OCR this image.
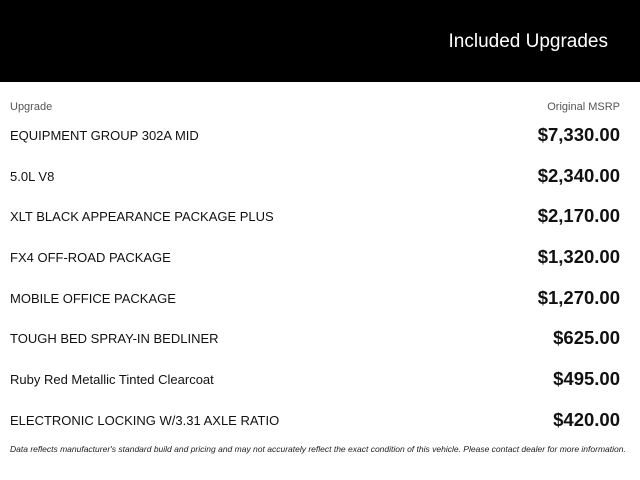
Included Upgrades
Upgrade	Original MSRP
EQUIPMENT GROUP 302A MID	$7,330.00
5.0L V8	$2,340.00
XLT BLACK APPEARANCE PACKAGE PLUS	$2,170.00
FX4 OFF-ROAD PACKAGE	$1,320.00
MOBILE OFFICE PACKAGE	$1,270.00
TOUGH BED SPRAY-IN BEDLINER	$625.00
Ruby Red Metallic Tinted Clearcoat	$495.00
ELECTRONIC LOCKING W/3.31 AXLE RATIO	$420.00
Data reflects manufacturer's standard build and pricing and may not accurately reflect the exact condition of this vehicle. Please contact dealer for more information.
